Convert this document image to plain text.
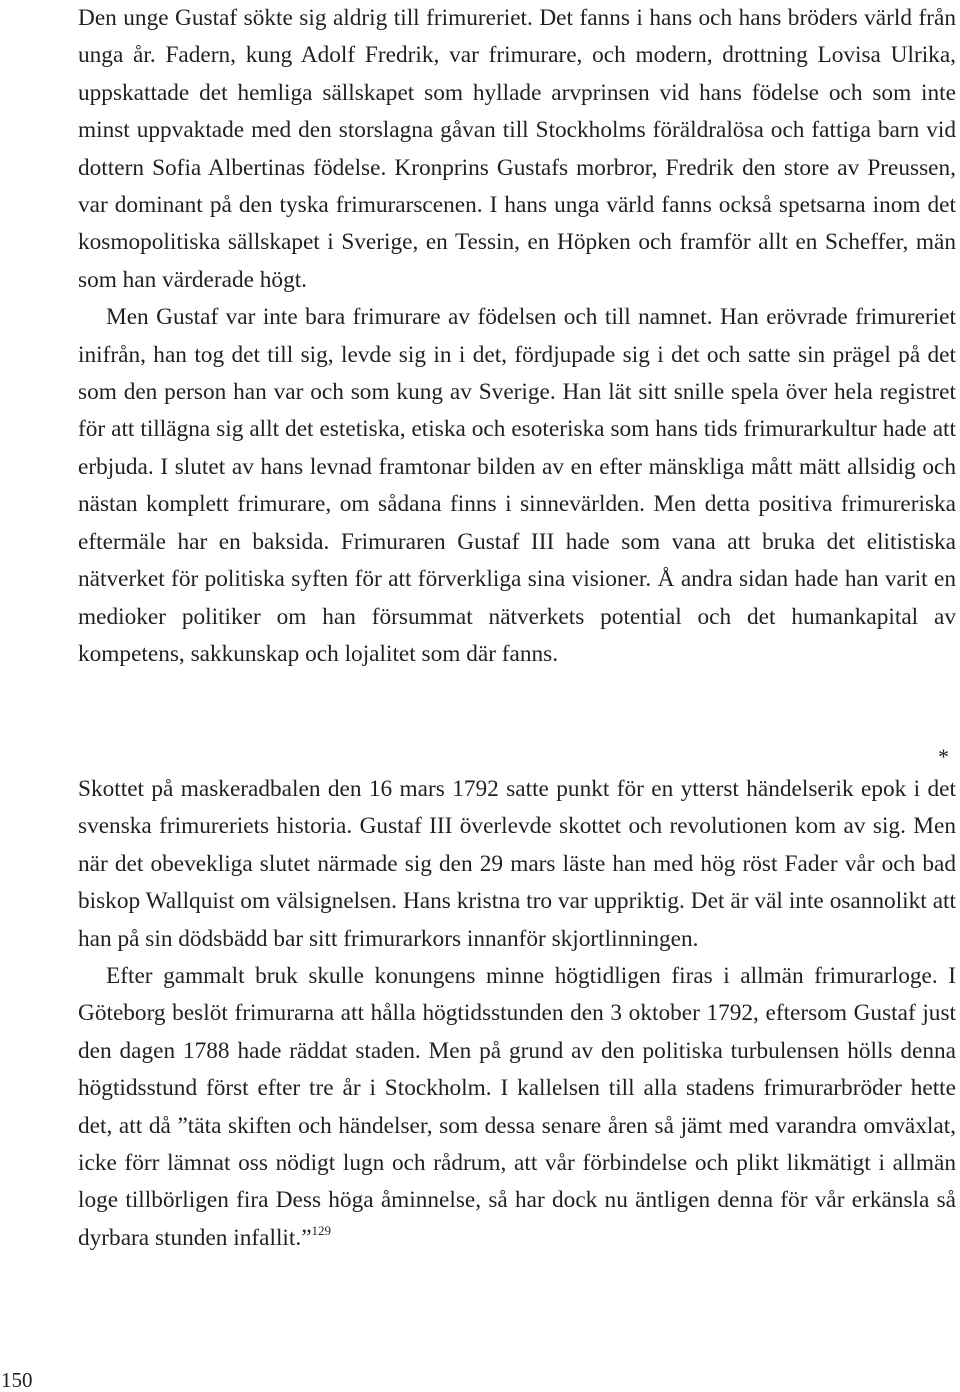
Den unge Gustaf sökte sig aldrig till frimureriet. Det fanns i hans och hans bröders värld från unga år. Fadern, kung Adolf Fredrik, var frimurare, och modern, drottning Lovisa Ulrika, uppskattade det hemliga sällskapet som hyllade arvprinsen vid hans födelse och som inte minst uppvaktade med den storslagna gåvan till Stockholms föräldralösa och fattiga barn vid dottern Sofia Albertinas födelse. Kronprins Gustafs morbror, Fredrik den store av Preussen, var dominant på den tyska frimurarscenen. I hans unga värld fanns också spetsarna inom det kosmopolitiska sällskapet i Sverige, en Tessin, en Höpken och framför allt en Scheffer, män som han värderade högt.

Men Gustaf var inte bara frimurare av födelsen och till namnet. Han erövrade frimureriet inifrån, han tog det till sig, levde sig in i det, fördjupade sig i det och satte sin prägel på det som den person han var och som kung av Sverige. Han lät sitt snille spela över hela registret för att tillägna sig allt det estetiska, etiska och esoteriska som hans tids frimurarkultur hade att erbjuda. I slutet av hans levnad framtonar bilden av en efter mänskliga mått mätt allsidig och nästan komplett frimurare, om sådana finns i sinnevärlden. Men detta positiva frimureriska eftermäle har en baksida. Frimuraren Gustaf III hade som vana att bruka det elitistiska nätverket för politiska syften för att förverkliga sina visioner. Å andra sidan hade han varit en medioker politiker om han försummat nätverkets potential och det humankapital av kompetens, sakkunskap och lojalitet som där fanns.

*

Skottet på maskeradbalen den 16 mars 1792 satte punkt för en ytterst händelserik epok i det svenska frimureriets historia. Gustaf III överlevde skottet och revolutionen kom av sig. Men när det obevekliga slutet närmade sig den 29 mars läste han med hög röst Fader vår och bad biskop Wallquist om välsignelsen. Hans kristna tro var uppriktig. Det är väl inte osannolikt att han på sin dödsbädd bar sitt frimurarkors innanför skjortlinningen.

Efter gammalt bruk skulle konungens minne högtidligen firas i allmän frimurarloge. I Göteborg beslöt frimurarna att hålla högtidsstunden den 3 oktober 1792, eftersom Gustaf just den dagen 1788 hade räddat staden. Men på grund av den politiska turbulensen hölls denna högtidsstund först efter tre år i Stockholm. I kallelsen till alla stadens frimurarbröder hette det, att då ”täta skiften och händelser, som dessa senare åren så jämt med varandra omväxlat, icke förr lämnat oss nödigt lugn och rådrum, att vår förbindelse och plikt likmätigt i allmän loge tillbörligen fira Dess höga åminnelse, så har dock nu äntligen denna för vår erkänsla så dyrbara stunden infallit.”$^{129}$

150
